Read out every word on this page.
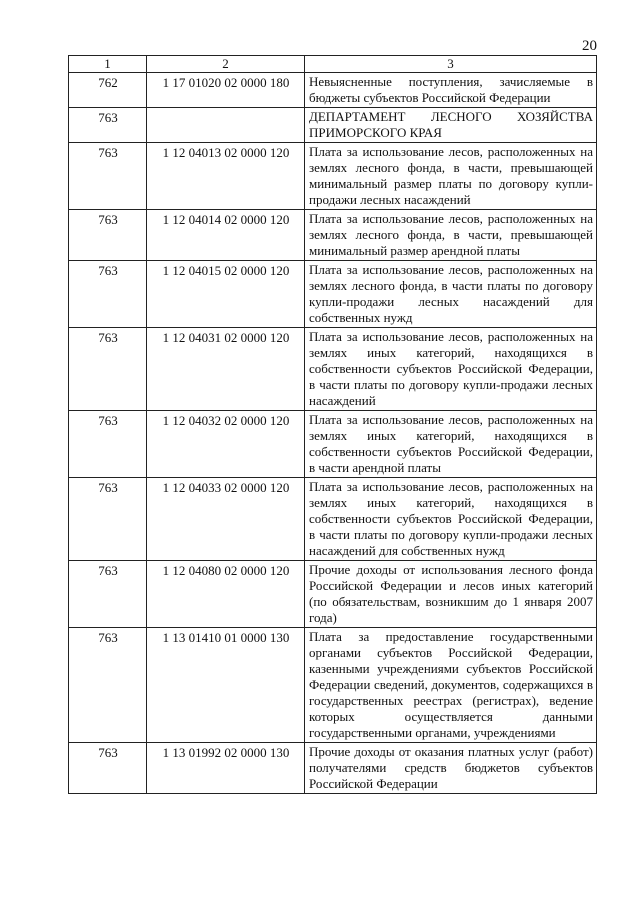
20
1	2	3
762	1 17 01020 02 0000 180	Невыясненные поступления, зачисляемые в бюджеты субъектов Российской Федерации
763		ДЕПАРТАМЕНТ ЛЕСНОГО ХОЗЯЙСТВА ПРИМОРСКОГО КРАЯ
763	1 12 04013 02 0000 120	Плата за использование лесов, расположенных на землях лесного фонда, в части, превышающей минимальный размер платы по договору купли-продажи лесных насаждений
763	1 12 04014 02 0000 120	Плата за использование лесов, расположенных на землях лесного фонда, в части, превышающей минимальный размер арендной платы
763	1 12 04015 02 0000 120	Плата за использование лесов, расположенных на землях лесного фонда, в части платы по договору купли-продажи лесных насаждений для собственных нужд
763	1 12 04031 02 0000 120	Плата за использование лесов, расположенных на землях иных категорий, находящихся в собственности субъектов Российской Федерации, в части платы по договору купли-продажи лесных насаждений
763	1 12 04032 02 0000 120	Плата за использование лесов, расположенных на землях иных категорий, находящихся в собственности субъектов Российской Федерации, в части арендной платы
763	1 12 04033 02 0000 120	Плата за использование лесов, расположенных на землях иных категорий, находящихся в собственности субъектов Российской Федерации, в части платы по договору купли-продажи лесных насаждений для собственных нужд
763	1 12 04080 02 0000 120	Прочие доходы от использования лесного фонда Российской Федерации и лесов иных категорий (по обязательствам, возникшим до 1 января 2007 года)
763	1 13 01410 01 0000 130	Плата за предоставление государственными органами субъектов Российской Федерации, казенными учреждениями субъектов Российской Федерации сведений, документов, содержащихся в государственных реестрах (регистрах), ведение которых осуществляется данными государственными органами, учреждениями
763	1 13 01992 02 0000 130	Прочие доходы от оказания платных услуг (работ) получателями средств бюджетов субъектов Российской Федерации
